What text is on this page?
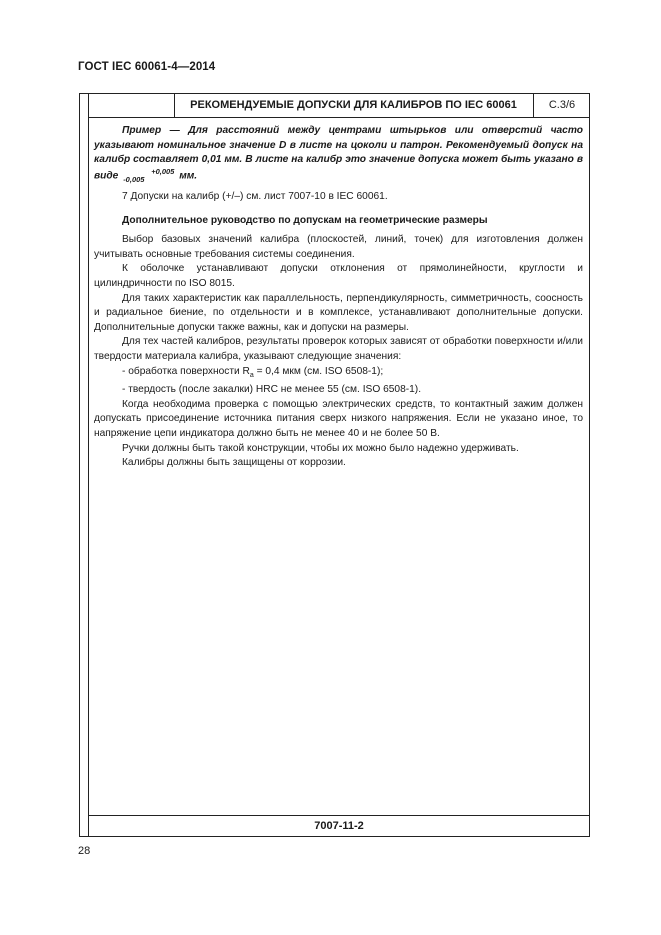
ГОСТ IEC 60061-4—2014
РЕКОМЕНДУЕМЫЕ ДОПУСКИ ДЛЯ КАЛИБРОВ ПО IEC 60061	С.3/6

Пример — Для расстояний между центрами штырьков или отверстий часто указывают номинальное значение D в листе на цоколи и патрон. Рекомендуемый допуск на калибр составляет 0,01 мм. В листе на калибр это значение допуска может быть указано в виде	+0,005
-0,005	мм.

7 Допуски на калибр (+/–) см. лист 7007-10 в IEC 60061.

Дополнительное руководство по допускам на геометрические размеры

Выбор базовых значений калибра (плоскостей, линий, точек) для изготовления должен учитывать основные требования системы соединения.

К оболочке устанавливают допуски отклонения от прямолинейности, круглости и цилиндричности по ISO 8015.

Для таких характеристик как параллельность, перпендикулярность, симметричность, соосность и радиальное биение, по отдельности и в комплексе, устанавливают дополнительные допуски. Дополнительные допуски также важны, как и допуски на размеры.

Для тех частей калибров, результаты проверок которых зависят от обработки поверхности и/или твердости материала калибра, указывают следующие значения:

- обработка поверхности $R_a = 0,4$ мкм (см. ISO 6508-1);

- твердость (после закалки) HRC не менее 55 (см. ISO 6508-1).

Когда необходима проверка с помощью электрических средств, то контактный зажим должен допускать присоединение источника питания сверх низкого напряжения. Если не указано иное, то напряжение цепи индикатора должно быть не менее 40 и не более 50 В.

Ручки должны быть такой конструкции, чтобы их можно было надежно удерживать.

Калибры должны быть защищены от коррозии.

7007-11-2
28
